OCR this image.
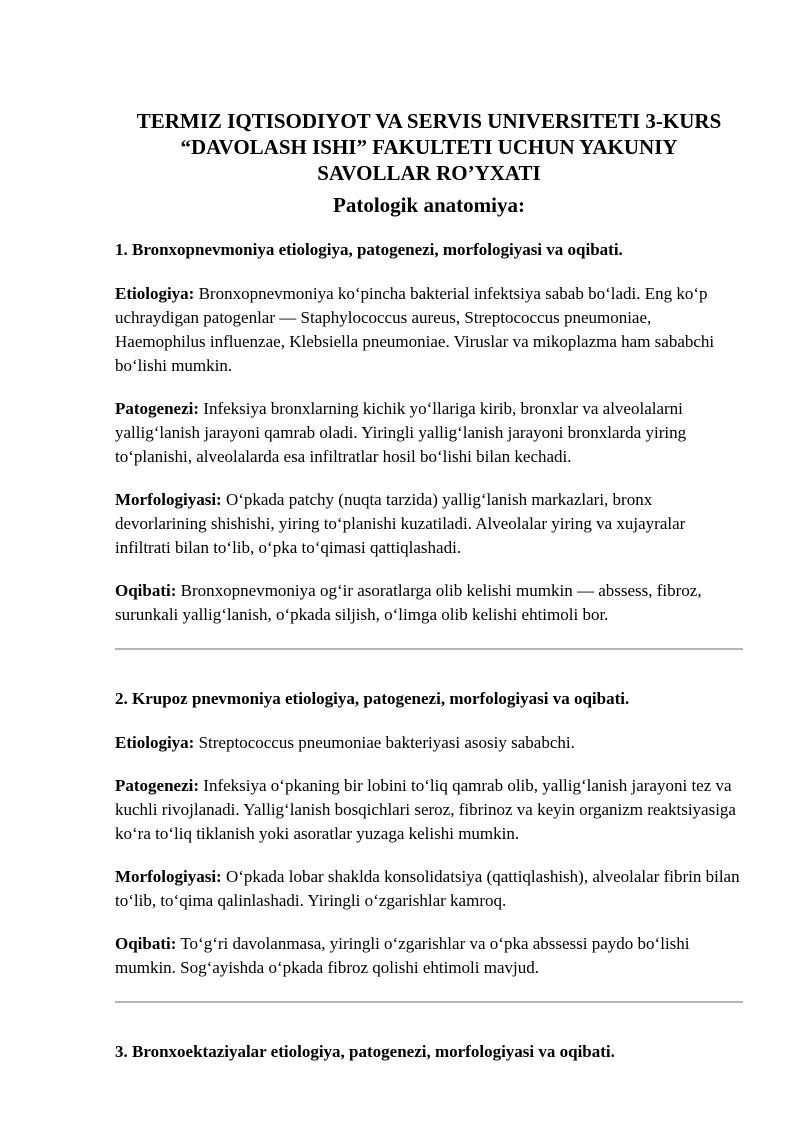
TERMIZ IQTISODIYOT VA SERVIS UNIVERSITETI 3-KURS
“DAVOLASH ISHI” FAKULTETI UCHUN YAKUNIY
SAVOLLAR RO’YXATI
Patologik anatomiya:

1. Bronxopnevmoniya etiologiya, patogenezi, morfologiyasi va oqibati.

Etiologiya: Bronxopnevmoniya ko‘pincha bakterial infektsiya sabab bo‘ladi. Eng ko‘p uchraydigan patogenlar — Staphylococcus aureus, Streptococcus pneumoniae, Haemophilus influenzae, Klebsiella pneumoniae. Viruslar va mikoplazma ham sababchi bo‘lishi mumkin.

Patogenezi: Infeksiya bronxlarning kichik yo‘llariga kirib, bronxlar va alveolalarni yallig‘lanish jarayoni qamrab oladi. Yiringli yallig‘lanish jarayoni bronxlarda yiring to‘planishi, alveolalarda esa infiltratlar hosil bo‘lishi bilan kechadi.

Morfologiyasi: O‘pkada patchy (nuqta tarzida) yallig‘lanish markazlari, bronx devorlarining shishishi, yiring to‘planishi kuzatiladi. Alveolalar yiring va xujayralar infiltrati bilan to‘lib, o‘pka to‘qimasi qattiqlashadi.

Oqibati: Bronxopnevmoniya og‘ir asoratlarga olib kelishi mumkin — abssess, fibroz, surunkali yallig‘lanish, o‘pkada siljish, o‘limga olib kelishi ehtimoli bor.

2. Krupoz pnevmoniya etiologiya, patogenezi, morfologiyasi va oqibati.

Etiologiya: Streptococcus pneumoniae bakteriyasi asosiy sababchi.

Patogenezi: Infeksiya o‘pkaning bir lobini to‘liq qamrab olib, yallig‘lanish jarayoni tez va kuchli rivojlanadi. Yallig‘lanish bosqichlari seroz, fibrinoz va keyin organizm reaktsiyasiga ko‘ra to‘liq tiklanish yoki asoratlar yuzaga kelishi mumkin.

Morfologiyasi: O‘pkada lobar shaklda konsolidatsiya (qattiqlashish), alveolalar fibrin bilan to‘lib, to‘qima qalinlashadi. Yiringli o‘zgarishlar kamroq.

Oqibati: To‘g‘ri davolanmasa, yiringli o‘zgarishlar va o‘pka abssessi paydo bo‘lishi mumkin. Sog‘ayishda o‘pkada fibroz qolishi ehtimoli mavjud.

3. Bronxoektaziyalar etiologiya, patogenezi, morfologiyasi va oqibati.
